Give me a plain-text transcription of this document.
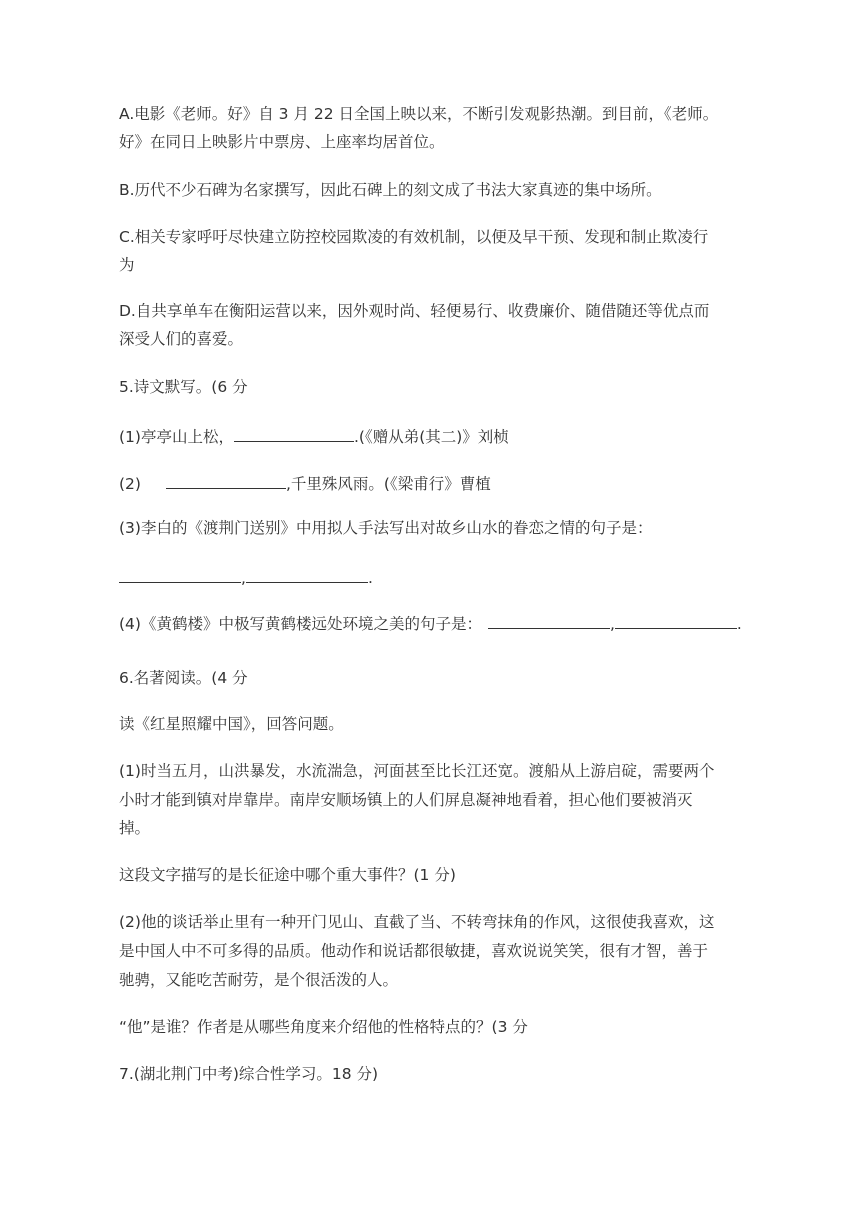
A.电影《老师。好》自 3 月 22 日全国上映以来，不断引发观影热潮。到目前，《老师。
好》在同日上映影片中票房、上座率均居首位。
B.历代不少石碑为名家撰写，因此石碑上的刻文成了书法大家真迹的集中场所。
C.相关专家呼吁尽快建立防控校园欺凌的有效机制，以便及早干预、发现和制止欺凌行
为
D.自共享单车在衡阳运营以来，因外观时尚、轻便易行、收费廉价、随借随还等优点而
深受人们的喜爱。
5.诗文默写。(6 分
(1)亭亭山上松，	.(《赠从弟(其二)》刘桢
(2)	,千里殊风雨。(《梁甫行》曹植
(3)李白的《渡荆门送别》中用拟人手法写出对故乡山水的眷恋之情的句子是：
,	.
(4)《黄鹤楼》中极写黄鹤楼远处环境之美的句子是：	,	.
6.名著阅读。(4 分
读《红星照耀中国》，回答问题。
(1)时当五月，山洪暴发，水流湍急，河面甚至比长江还宽。渡船从上游启碇，需要两个
小时才能到镇对岸靠岸。南岸安顺场镇上的人们屏息凝神地看着，担心他们要被消灭
掉。
这段文字描写的是长征途中哪个重大事件？(1 分)
(2)他的谈话举止里有一种开门见山、直截了当、不转弯抹角的作风，这很使我喜欢，这
是中国人中不可多得的品质。他动作和说话都很敏捷，喜欢说说笑笑，很有才智，善于
驰骋，又能吃苦耐劳，是个很活泼的人。
“他”是谁？作者是从哪些角度来介绍他的性格特点的？(3 分
7.(湖北荆门中考)综合性学习。18 分)
